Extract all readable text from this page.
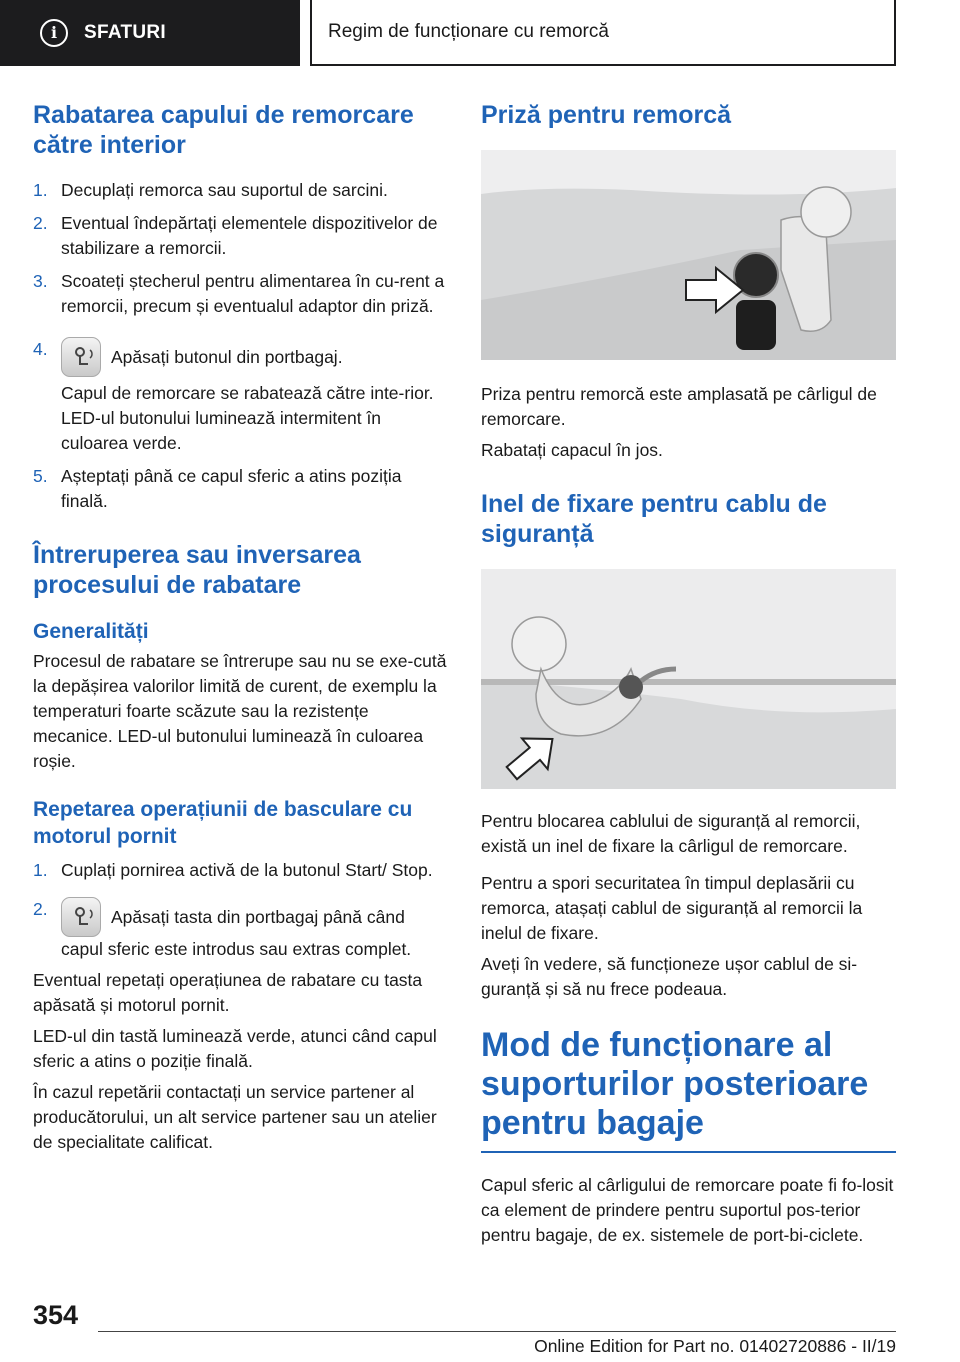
i	SFATURI	Regim de funcționare cu remorcă
Rabatarea capului de remorcare către interior
1. Decuplați remorca sau suportul de sarcini.
2. Eventual îndepărtați elementele dispozitivelor de stabilizare a remorcii.
3. Scoateți ștecherul pentru alimentarea în cu-rent a remorcii, precum și eventualul adaptor din priză.
4.	Apăsați butonul din portbagaj.
Capul de remorcare se rabatează către inte-rior. LED-ul butonului luminează intermitent în culoarea verde.
5. Așteptați până ce capul sferic a atins poziția finală.
Întreruperea sau inversarea procesului de rabatare
Generalități

Procesul de rabatare se întrerupe sau nu se exe-cută la depășirea valorilor limită de curent, de exemplu la temperaturi foarte scăzute sau la rezistențe mecanice. LED-ul butonului luminează în culoarea roșie.

Repetarea operațiunii de basculare cu motorul pornit
1. Cuplați pornirea activă de la butonul Start/ Stop.
2.	Apăsați tasta din portbagaj până când capul sferic este introdus sau extras complet.

Eventual repetați operațiunea de rabatare cu tasta apăsată și motorul pornit.

LED-ul din tastă luminează verde, atunci când capul sferic a atins o poziție finală.

În cazul repetării contactați un service partener al producătorului, un alt service partener sau un atelier de specialitate calificat.

Priză pentru remorcă

Priza pentru remorcă este amplasată pe cârligul de remorcare.

Rabatați capacul în jos.

Inel de fixare pentru cablu de siguranță

Pentru blocarea cablului de siguranță al remorcii, există un inel de fixare la cârligul de remorcare.

Pentru a spori securitatea în timpul deplasării cu remorca, atașați cablul de siguranță al remorcii la inelul de fixare.

Aveți în vedere, să funcționeze ușor cablul de si-guranță și să nu frece podeaua.

Mod de funcționare al suporturilor posterioare pentru bagaje

Capul sferic al cârligului de remorcare poate fi fo-losit ca element de prindere pentru suportul pos-terior pentru bagaje, de ex. sistemele de port-bi-ciclete.

354
Online Edition for Part no. 01402720886 - II/19
